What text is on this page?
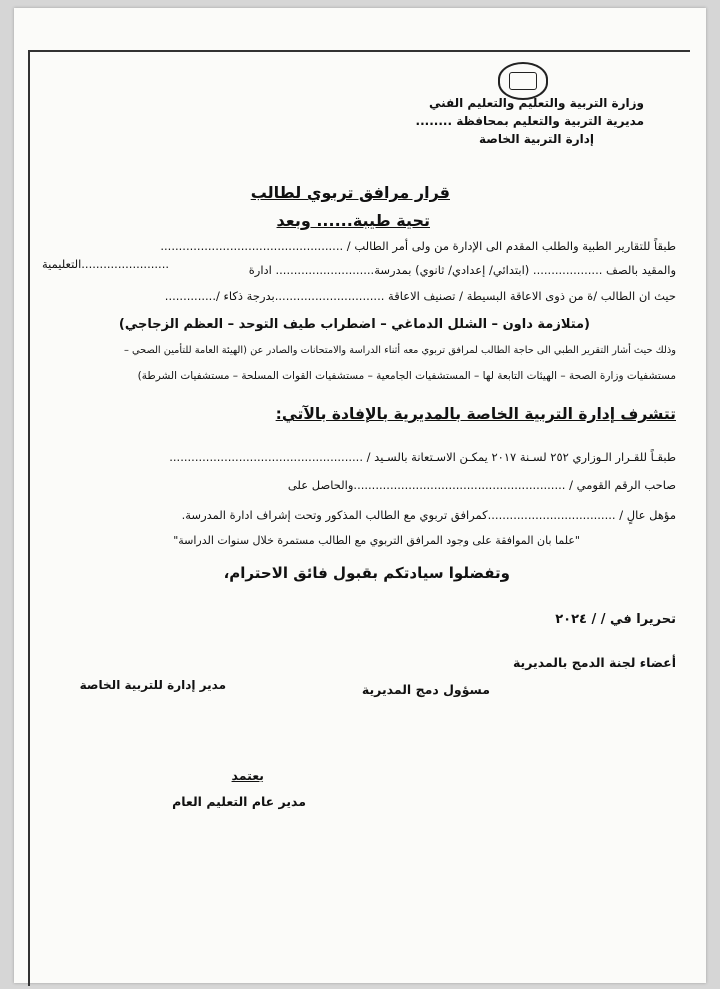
وزارة التربية والتعليم والتعليم الفني
مديرية التربية والتعليم بمحافظة ........
إدارة التربية الخاصة
قرار مرافق تربوي لطالب
تحية طيبة...... وبعد
طبقاً للتقارير الطبية والطلب المقدم الى الإدارة من ولى أمر الطالب / ..................................................
والمقيد بالصف ................... (ابتدائي/ إعدادي/ ثانوي) بمدرسة........................... ادارة
........................التعليمية
حيث ان الطالب /ة من ذوى الاعاقة البسيطة / تصنيف الاعاقة ..............................بدرجة ذكاء /..............
(متلازمة داون – الشلل الدماغي – اضطراب طيف التوحد – العظم الزجاجي)
وذلك حيث أشار التقرير الطبي الى حاجة الطالب لمرافق تربوي معه أثناء الدراسة والامتحانات والصادر عن (الهيئة العامة للتأمين الصحي –
مستشفيات وزارة الصحة – الهيئات التابعة لها – المستشفيات الجامعية – مستشفيات القوات المسلحة – مستشفيات الشرطة)
تتشرف إدارة التربية الخاصة بالمديرية بالإفادة بالآتي:
طبقـاً للقـرار الـوزاري ٢٥٢ لسـنة ٢٠١٧ يمكـن الاسـتعانة بالسـيد / .....................................................
صاحب الرقم القومي / ..........................................................والحاصل على
مؤهل عالٍ / ...................................كمرافق تربوي مع الطالب المذكور وتحت إشراف ادارة المدرسة.
"علما بان الموافقة على وجود المرافق التربوي مع الطالب مستمرة خلال سنوات الدراسة"
وتفضلوا سيادتكم بقبول فائق الاحترام،
تحريرا في / / ٢٠٢٤
أعضاء لجنة الدمج بالمديرية
مسؤول دمج المديرية
مدير إدارة للتربية الخاصة
يعتمد
مدير عام التعليم العام
